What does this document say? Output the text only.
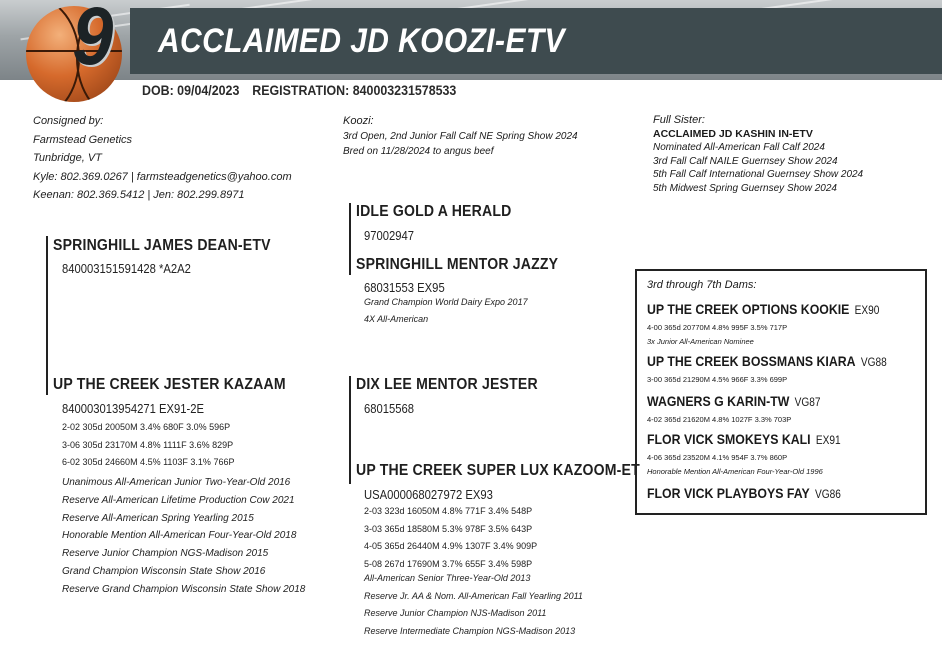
9 ACCLAIMED JD KOOZI-ETV
DOB: 09/04/2023 REGISTRATION: 840003231578533
Consigned by:
Farmstead Genetics
Tunbridge, VT
Kyle: 802.369.0267 | farmsteadgenetics@yahoo.com
Keenan: 802.369.5412 | Jen: 802.299.8971
Koozi:
3rd Open, 2nd Junior Fall Calf NE Spring Show 2024
Bred on 11/28/2024 to angus beef
Full Sister:
ACCLAIMED JD KASHIN IN-ETV
Nominated All-American Fall Calf 2024
3rd Fall Calf NAILE Guernsey Show 2024
5th Fall Calf International Guernsey Show 2024
5th Midwest Spring Guernsey Show 2024
SPRINGHILL JAMES DEAN-ETV
840003151591428 *A2A2
UP THE CREEK JESTER KAZAAM
840003013954271 EX91-2E
2-02 305d 20050M 3.4% 680F 3.0% 596P
3-06 305d 23170M 4.8% 1111F 3.6% 829P
6-02 305d 24660M 4.5% 1103F 3.1% 766P
Unanimous All-American Junior Two-Year-Old 2016
Reserve All-American Lifetime Production Cow 2021
Reserve All-American Spring Yearling 2015
Honorable Mention All-American Four-Year-Old 2018
Reserve Junior Champion NGS-Madison 2015
Grand Champion Wisconsin State Show 2016
Reserve Grand Champion Wisconsin State Show 2018
IDLE GOLD A HERALD
97002947
SPRINGHILL MENTOR JAZZY
68031553 EX95
Grand Champion World Dairy Expo 2017
4X All-American
DIX LEE MENTOR JESTER
68015568
UP THE CREEK SUPER LUX KAZOOM-ET
USA000068027972 EX93
2-03 323d 16050M 4.8% 771F 3.4% 548P
3-03 365d 18580M 5.3% 978F 3.5% 643P
4-05 365d 26440M 4.9% 1307F 3.4% 909P
5-08 267d 17690M 3.7% 655F 3.4% 598P
All-American Senior Three-Year-Old 2013
Reserve Jr. AA & Nom. All-American Fall Yearling 2011
Reserve Junior Champion NJS-Madison 2011
Reserve Intermediate Champion NGS-Madison 2013
3rd through 7th Dams:
UP THE CREEK OPTIONS KOOKIE EX90
4-00 365d 20770M 4.8% 995F 3.5% 717P
3x Junior All-American Nominee
UP THE CREEK BOSSMANS KIARA VG88
3-00 365d 21290M 4.5% 966F 3.3% 699P
WAGNERS G KARIN-TW VG87
4-02 365d 21620M 4.8% 1027F 3.3% 703P
FLOR VICK SMOKEYS KALI EX91
4-06 365d 23520M 4.1% 954F 3.7% 860P
Honorable Mention All-American Four-Year-Old 1996
FLOR VICK PLAYBOYS FAY VG86
